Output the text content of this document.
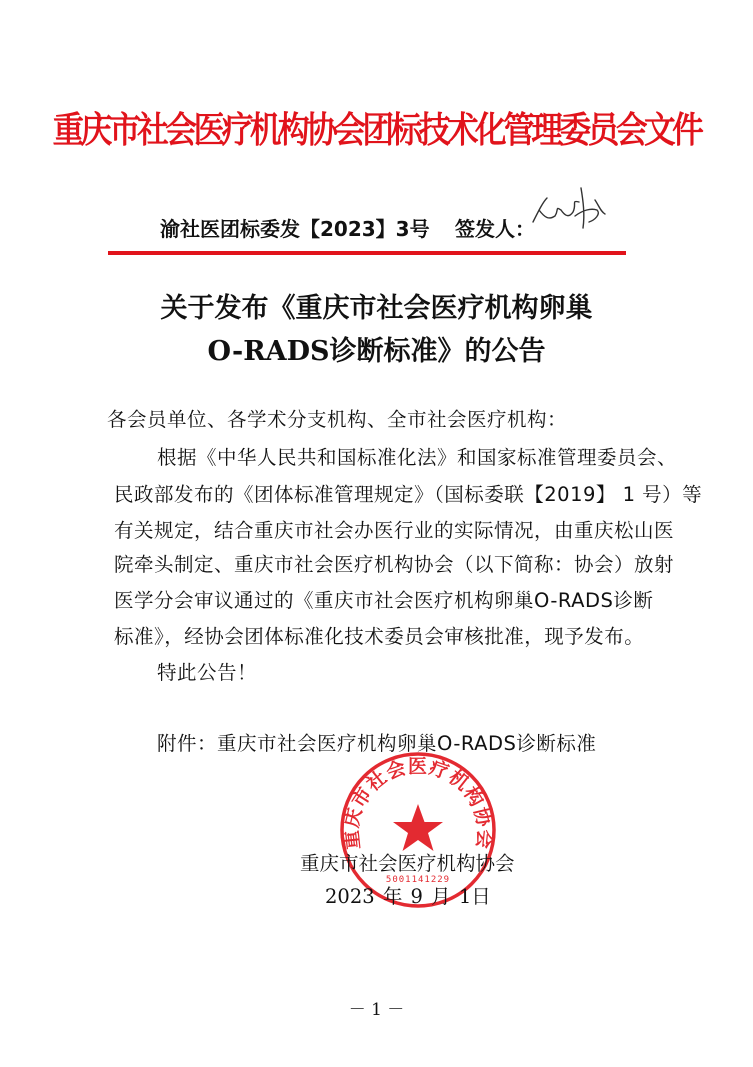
重庆市社会医疗机构协会团标技术化管理委员会文件
渝社医团标委发【2023】3号 签发人：
关于发布《重庆市社会医疗机构卵巢
O-RADS诊断标准》的公告
各会员单位、各学术分支机构、全市社会医疗机构：
根据《中华人民共和国标准化法》和国家标准管理委员会、
民政部发布的《团体标准管理规定》（国标委联【2019】 1 号）等
有关规定，结合重庆市社会办医行业的实际情况，由重庆松山医
院牵头制定、重庆市社会医疗机构协会（以下简称：协会）放射
医学分会审议通过的《重庆市社会医疗机构卵巢O-RADS诊断
标准》，经协会团体标准化技术委员会审核批准，现予发布。
特此公告！
附件：重庆市社会医疗机构卵巢O-RADS诊断标准
重庆市社会医疗机构协会
5001141229
重庆市社会医疗机构协会
2023 年 9 月 1日
－ 1 －
